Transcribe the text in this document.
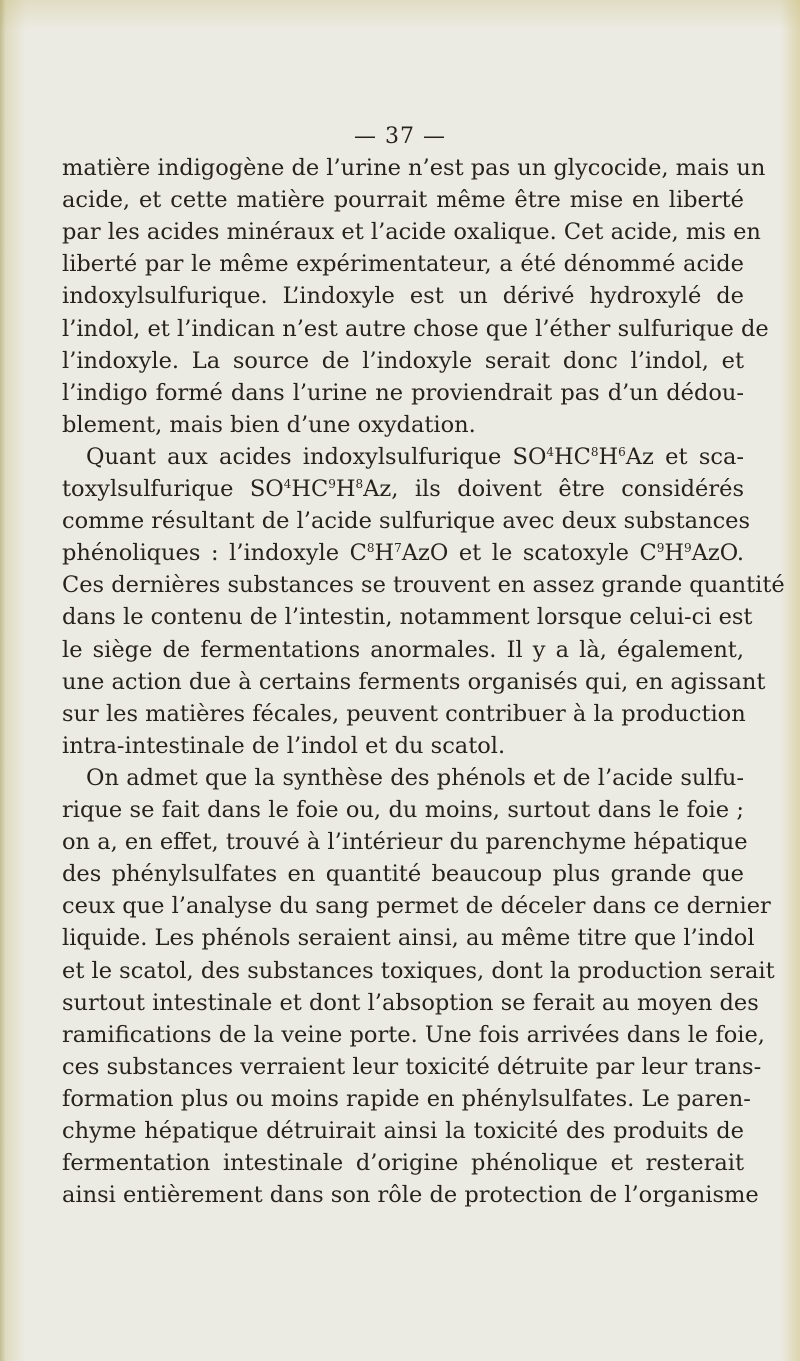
— 37 —
matière indigogène de l’urine n’est pas un glycocide, mais un
acide, et cette matière pourrait même être mise en liberté
par les acides minéraux et l’acide oxalique. Cet acide, mis en
liberté par le même expérimentateur, a été dénommé acide
indoxylsulfurique. L’indoxyle est un dérivé hydroxylé de
l’indol, et l’indican n’est autre chose que l’éther sulfurique de
l’indoxyle. La source de l’indoxyle serait donc l’indol, et
l’indigo formé dans l’urine ne proviendrait pas d’un dédou-
blement, mais bien d’une oxydation.
Quant aux acides indoxylsulfurique $SO^4HC^8H^6Az$ et sca-
toxylsulfurique $SO^4HC^9H^8Az$, ils doivent être considérés
comme résultant de l’acide sulfurique avec deux substances
phénoliques : l’indoxyle $C^8H^7AzO$ et le scatoxyle $C^9H^9AzO$.
Ces dernières substances se trouvent en assez grande quantité
dans le contenu de l’intestin, notamment lorsque celui-ci est
le siège de fermentations anormales. Il y a là, également,
une action due à certains ferments organisés qui, en agissant
sur les matières fécales, peuvent contribuer à la production
intra-intestinale de l’indol et du scatol.
On admet que la synthèse des phénols et de l’acide sulfu-
rique se fait dans le foie ou, du moins, surtout dans le foie ;
on a, en effet, trouvé à l’intérieur du parenchyme hépatique
des phénylsulfates en quantité beaucoup plus grande que
ceux que l’analyse du sang permet de déceler dans ce dernier
liquide. Les phénols seraient ainsi, au même titre que l’indol
et le scatol, des substances toxiques, dont la production serait
surtout intestinale et dont l’absoption se ferait au moyen des
ramifications de la veine porte. Une fois arrivées dans le foie,
ces substances verraient leur toxicité détruite par leur trans-
formation plus ou moins rapide en phénylsulfates. Le paren-
chyme hépatique détruirait ainsi la toxicité des produits de
fermentation intestinale d’origine phénolique et resterait
ainsi entièrement dans son rôle de protection de l’organisme
